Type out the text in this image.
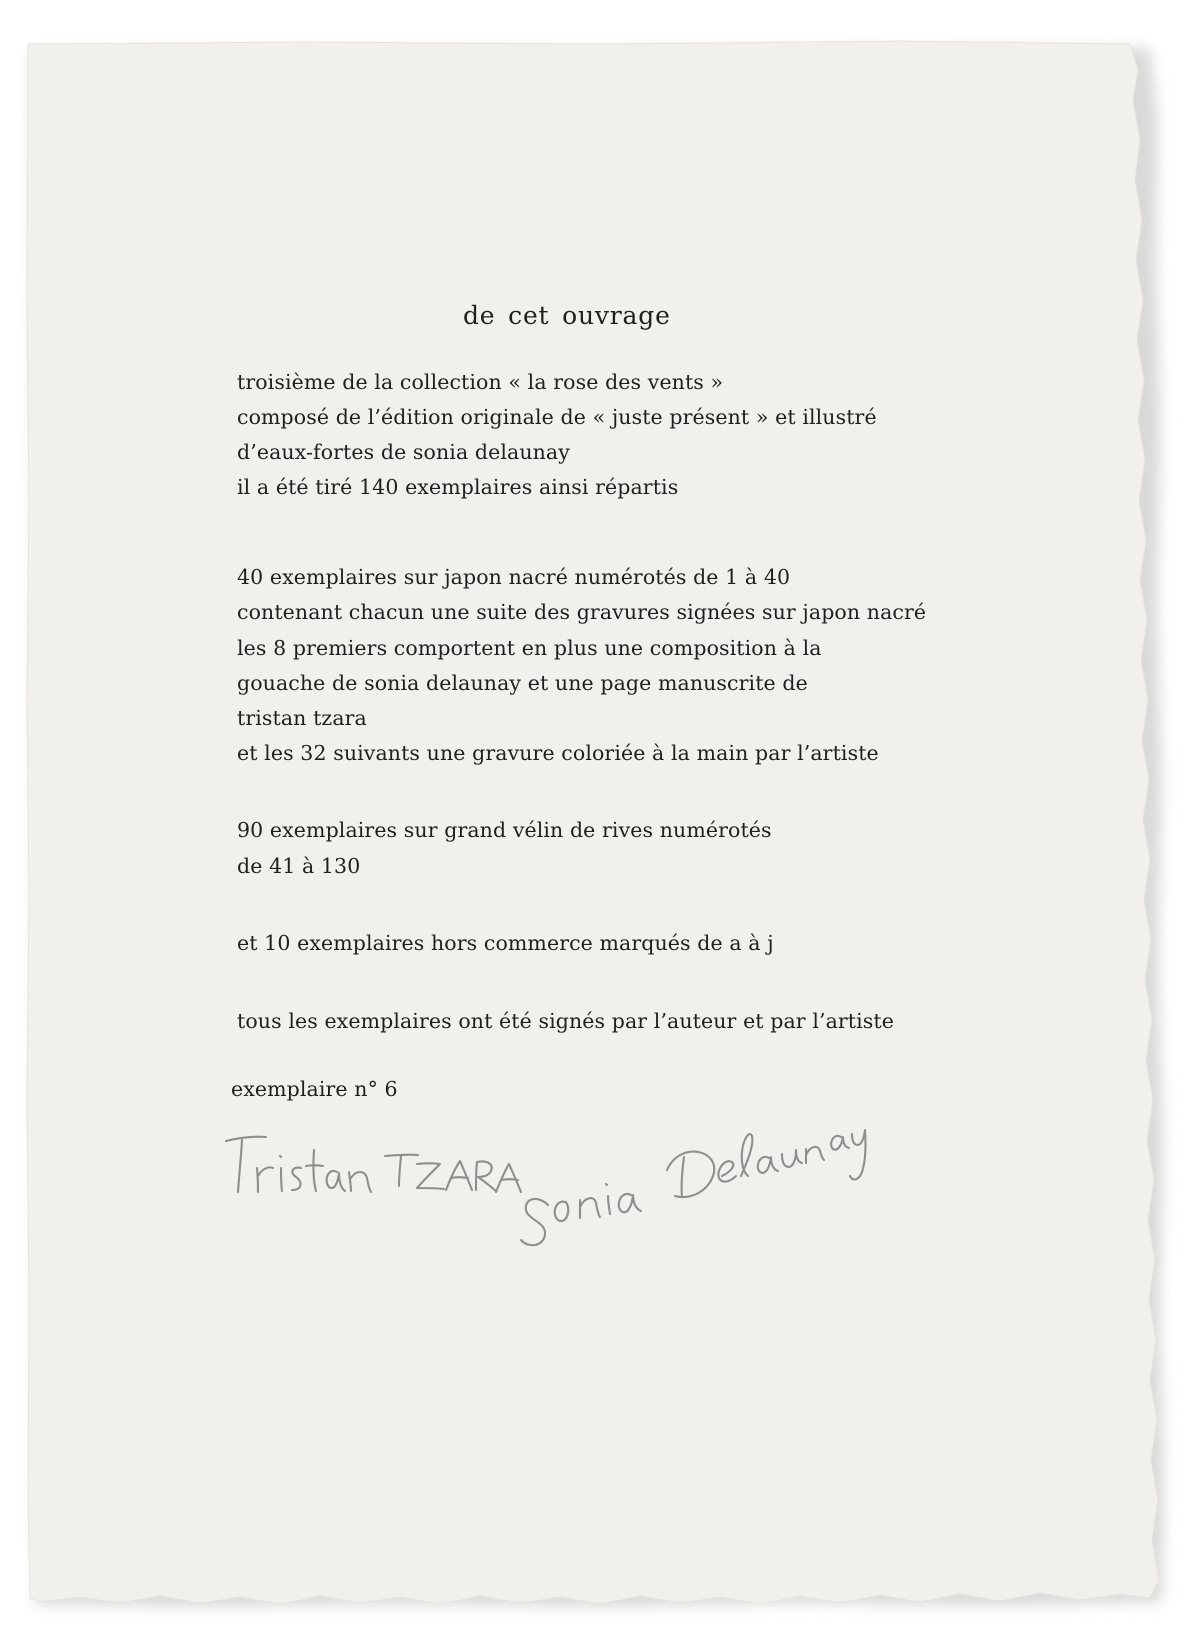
de cet ouvrage
troisième de la collection « la rose des vents »
composé de l’édition originale de « juste présent » et illustré
d’eaux-fortes de sonia delaunay
il a été tiré 140 exemplaires ainsi répartis
40 exemplaires sur japon nacré numérotés de 1 à 40
contenant chacun une suite des gravures signées sur japon nacré
les 8 premiers comportent en plus une composition à la
gouache de sonia delaunay et une page manuscrite de
tristan tzara
et les 32 suivants une gravure coloriée à la main par l’artiste
90 exemplaires sur grand vélin de rives numérotés
de 41 à 130
et 10 exemplaires hors commerce marqués de a à j
tous les exemplaires ont été signés par l’auteur et par l’artiste
exemplaire n° 6
